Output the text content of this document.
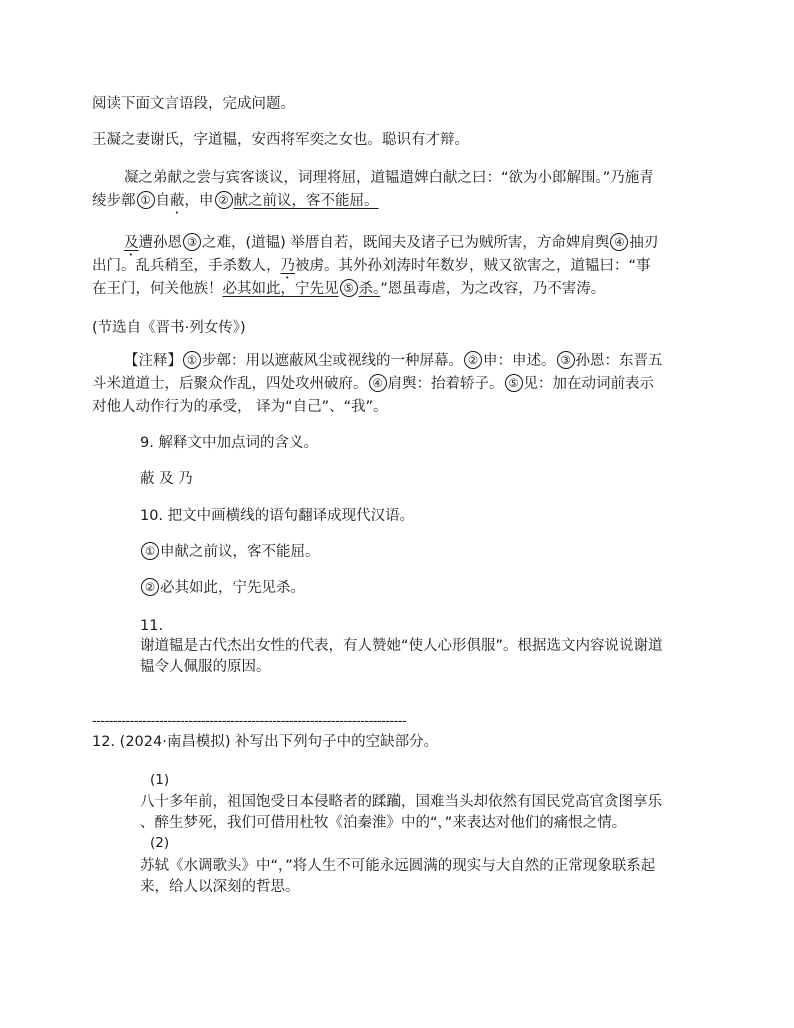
阅读下面文言语段，完成问题。
王凝之妻谢氏，字道韫，安西将军奕之女也。聪识有才辩。
凝之弟献之尝与宾客谈议，词理将屈，道韫遣婢白献之曰：“欲为小郎解围。”乃施青
绫步鄣 ① 自蔽，申 ② 献之前议，客不能屈。
及遭孙恩 ③ 之难，(道韫) 举厝自若，既闻夫及诸子已为贼所害，方命婢肩舆 ④ 抽刃
出门。乱兵稍至，手杀数人，乃被虏。其外孙刘涛时年数岁，贼又欲害之，道韫曰：“事
在王门，何关他族！必其如此，宁先见 ⑤ 杀。”恩虽毒虐，为之改容，乃不害涛。
(节选自《晋书·列女传》)
【注释】 ① 步鄣：用以遮蔽风尘或视线的一种屏幕。 ② 申：申述。 ③ 孙恩：东晋五
斗米道道士，后聚众作乱，四处攻州破府。 ④ 肩舆：抬着轿子。 ⑤ 见：加在动词前表示
对他人动作行为的承受， 译为“自己”、“我”。
9. 解释文中加点词的含义。
蔽 及 乃
10. 把文中画横线的语句翻译成现代汉语。
① 申献之前议，客不能屈。
② 必其如此，宁先见杀。
11.
谢道韫是古代杰出女性的代表，有人赞她“使人心形俱服”。根据选文内容说说谢道
韫令人佩服的原因。
---------------------------------------------------------------------------
12. (2024·南昌模拟) 补写出下列句子中的空缺部分。
(1)
八十多年前，祖国饱受日本侵略者的蹂躏，国难当头却依然有国民党高官贪图享乐
、醉生梦死，我们可借用杜牧《泊秦淮》中的“，”来表达对他们的痛恨之情。
(2)
苏轼《水调歌头》中“，”将人生不可能永远圆满的现实与大自然的正常现象联系起
来，给人以深刻的哲思。
